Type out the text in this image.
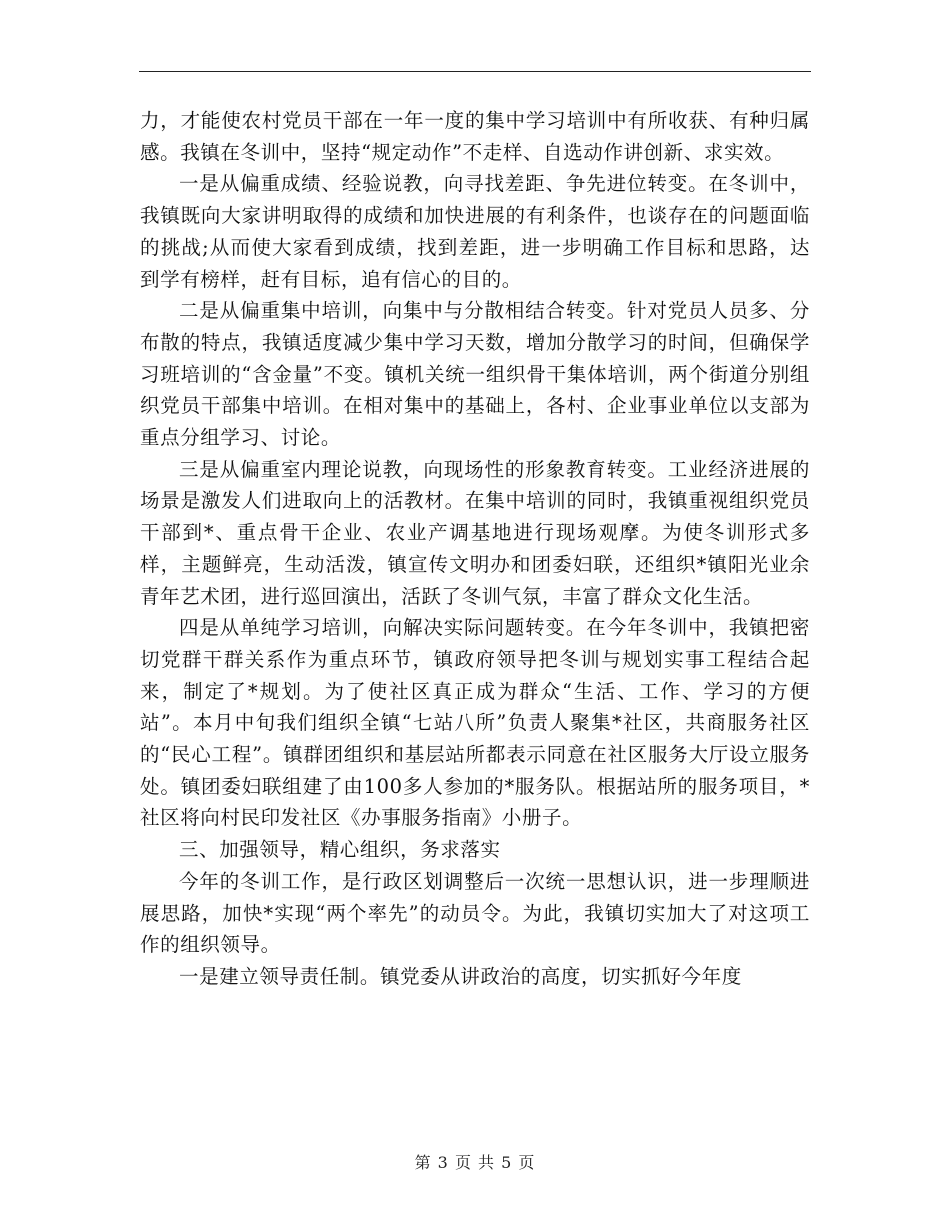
力，才能使农村党员干部在一年一度的集中学习培训中有所收获、有种归属感。我镇在冬训中，坚持“规定动作”不走样、自选动作讲创新、求实效。

一是从偏重成绩、经验说教，向寻找差距、争先进位转变。在冬训中，我镇既向大家讲明取得的成绩和加快进展的有利条件，也谈存在的问题面临的挑战;从而使大家看到成绩，找到差距，进一步明确工作目标和思路，达到学有榜样，赶有目标，追有信心的目的。

二是从偏重集中培训，向集中与分散相结合转变。针对党员人员多、分布散的特点，我镇适度减少集中学习天数，增加分散学习的时间，但确保学习班培训的“含金量”不变。镇机关统一组织骨干集体培训，两个街道分别组织党员干部集中培训。在相对集中的基础上，各村、企业事业单位以支部为重点分组学习、讨论。

三是从偏重室内理论说教，向现场性的形象教育转变。工业经济进展的场景是激发人们进取向上的活教材。在集中培训的同时，我镇重视组织党员干部到*、重点骨干企业、农业产调基地进行现场观摩。为使冬训形式多样，主题鲜亮，生动活泼，镇宣传文明办和团委妇联，还组织*镇阳光业余青年艺术团，进行巡回演出，活跃了冬训气氛，丰富了群众文化生活。

四是从单纯学习培训，向解决实际问题转变。在今年冬训中，我镇把密切党群干群关系作为重点环节，镇政府领导把冬训与规划实事工程结合起来，制定了*规划。为了使社区真正成为群众“生活、工作、学习的方便站”。本月中旬我们组织全镇“七站八所”负责人聚集*社区，共商服务社区的“民心工程”。镇群团组织和基层站所都表示同意在社区服务大厅设立服务处。镇团委妇联组建了由100多人参加的*服务队。根据站所的服务项目，*社区将向村民印发社区《办事服务指南》小册子。

三、加强领导，精心组织，务求落实

今年的冬训工作，是行政区划调整后一次统一思想认识，进一步理顺进展思路，加快*实现“两个率先”的动员令。为此，我镇切实加大了对这项工作的组织领导。

一是建立领导责任制。镇党委从讲政治的高度，切实抓好今年度

第 3 页 共 5 页
